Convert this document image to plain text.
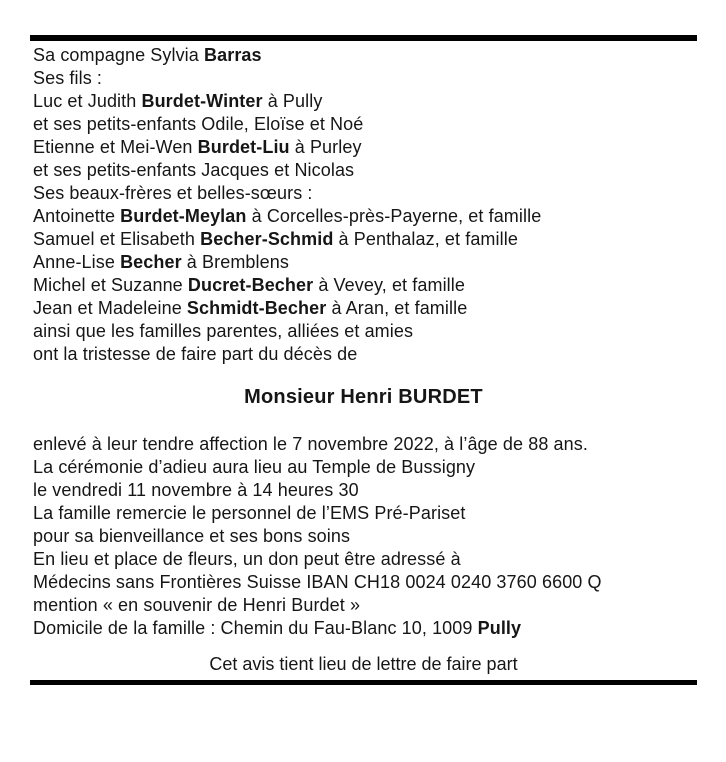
Sa compagne Sylvia Barras
Ses fils :
Luc et Judith Burdet-Winter à Pully
et ses petits-enfants Odile, Eloïse et Noé
Etienne et Mei-Wen Burdet-Liu à Purley
et ses petits-enfants Jacques et Nicolas
Ses beaux-frères et belles-sœurs :
Antoinette Burdet-Meylan à Corcelles-près-Payerne, et famille
Samuel et Elisabeth Becher-Schmid à Penthalaz, et famille
Anne-Lise Becher à Bremblens
Michel et Suzanne Ducret-Becher à Vevey, et famille
Jean et Madeleine Schmidt-Becher à Aran, et famille
ainsi que les familles parentes, alliées et amies
ont la tristesse de faire part du décès de
Monsieur Henri BURDET
enlevé à leur tendre affection le 7 novembre 2022, à l’âge de 88 ans.
La cérémonie d’adieu aura lieu au Temple de Bussigny
le vendredi 11 novembre à 14 heures 30
La famille remercie le personnel de l’EMS Pré-Pariset
pour sa bienveillance et ses bons soins
En lieu et place de fleurs, un don peut être adressé à
Médecins sans Frontières Suisse IBAN CH18 0024 0240 3760 6600 Q
mention « en souvenir de Henri Burdet »
Domicile de la famille : Chemin du Fau-Blanc 10, 1009 Pully
Cet avis tient lieu de lettre de faire part
